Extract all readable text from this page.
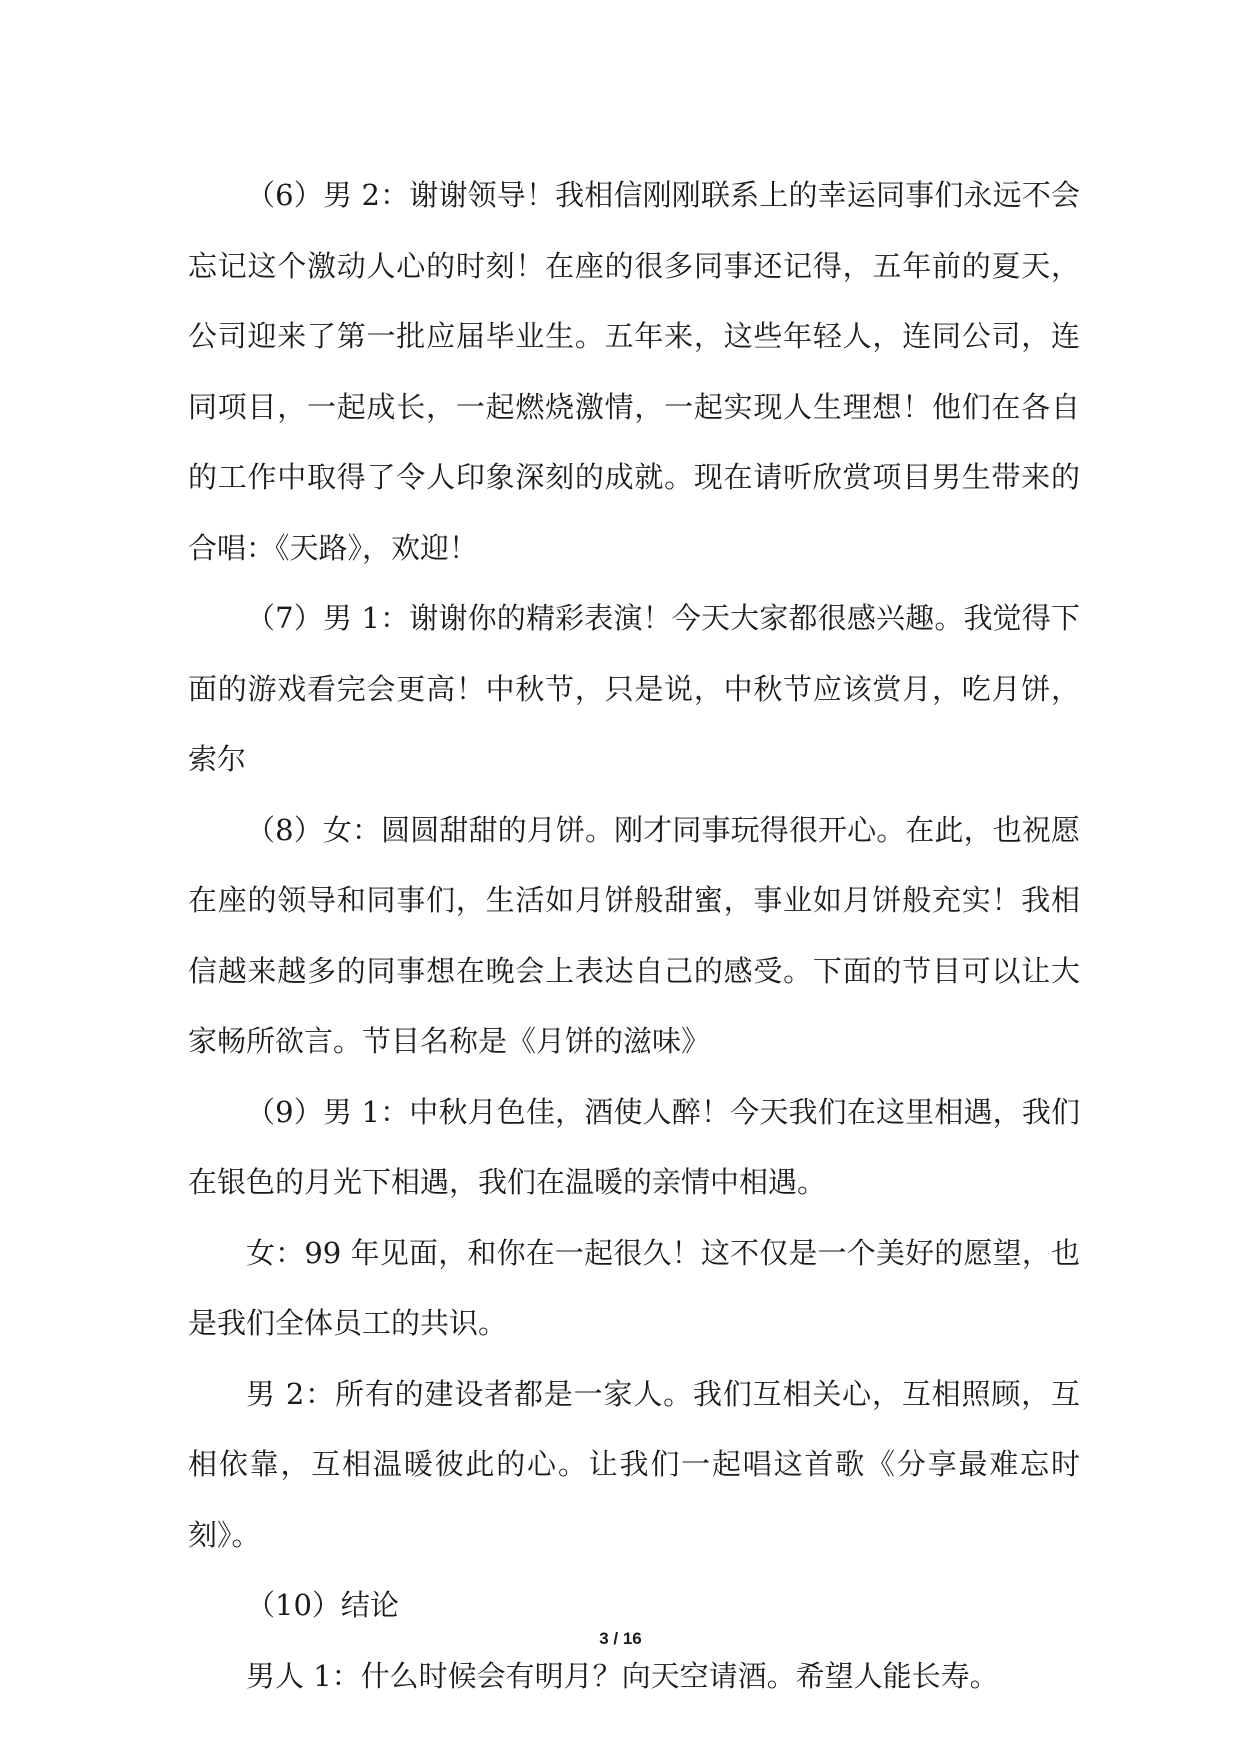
（6）男 2：谢谢领导！我相信刚刚联系上的幸运同事们永远不会忘记这个激动人心的时刻！在座的很多同事还记得，五年前的夏天，公司迎来了第一批应届毕业生。五年来，这些年轻人，连同公司，连同项目，一起成长，一起燃烧激情，一起实现人生理想！他们在各自的工作中取得了令人印象深刻的成就。现在请听欣赏项目男生带来的合唱：《天路》，欢迎！

（7）男 1：谢谢你的精彩表演！今天大家都很感兴趣。我觉得下面的游戏看完会更高！中秋节，只是说，中秋节应该赏月，吃月饼，索尔

（8）女：圆圆甜甜的月饼。刚才同事玩得很开心。在此，也祝愿在座的领导和同事们，生活如月饼般甜蜜，事业如月饼般充实！我相信越来越多的同事想在晚会上表达自己的感受。下面的节目可以让大家畅所欲言。节目名称是《月饼的滋味》

（9）男 1：中秋月色佳，酒使人醉！今天我们在这里相遇，我们在银色的月光下相遇，我们在温暖的亲情中相遇。

女：99 年见面，和你在一起很久！这不仅是一个美好的愿望，也是我们全体员工的共识。

男 2：所有的建设者都是一家人。我们互相关心，互相照顾，互相依靠，互相温暖彼此的心。让我们一起唱这首歌《分享最难忘时刻》。

（10）结论

男人 1：什么时候会有明月？向天空请酒。希望人能长寿。

3 / 16
